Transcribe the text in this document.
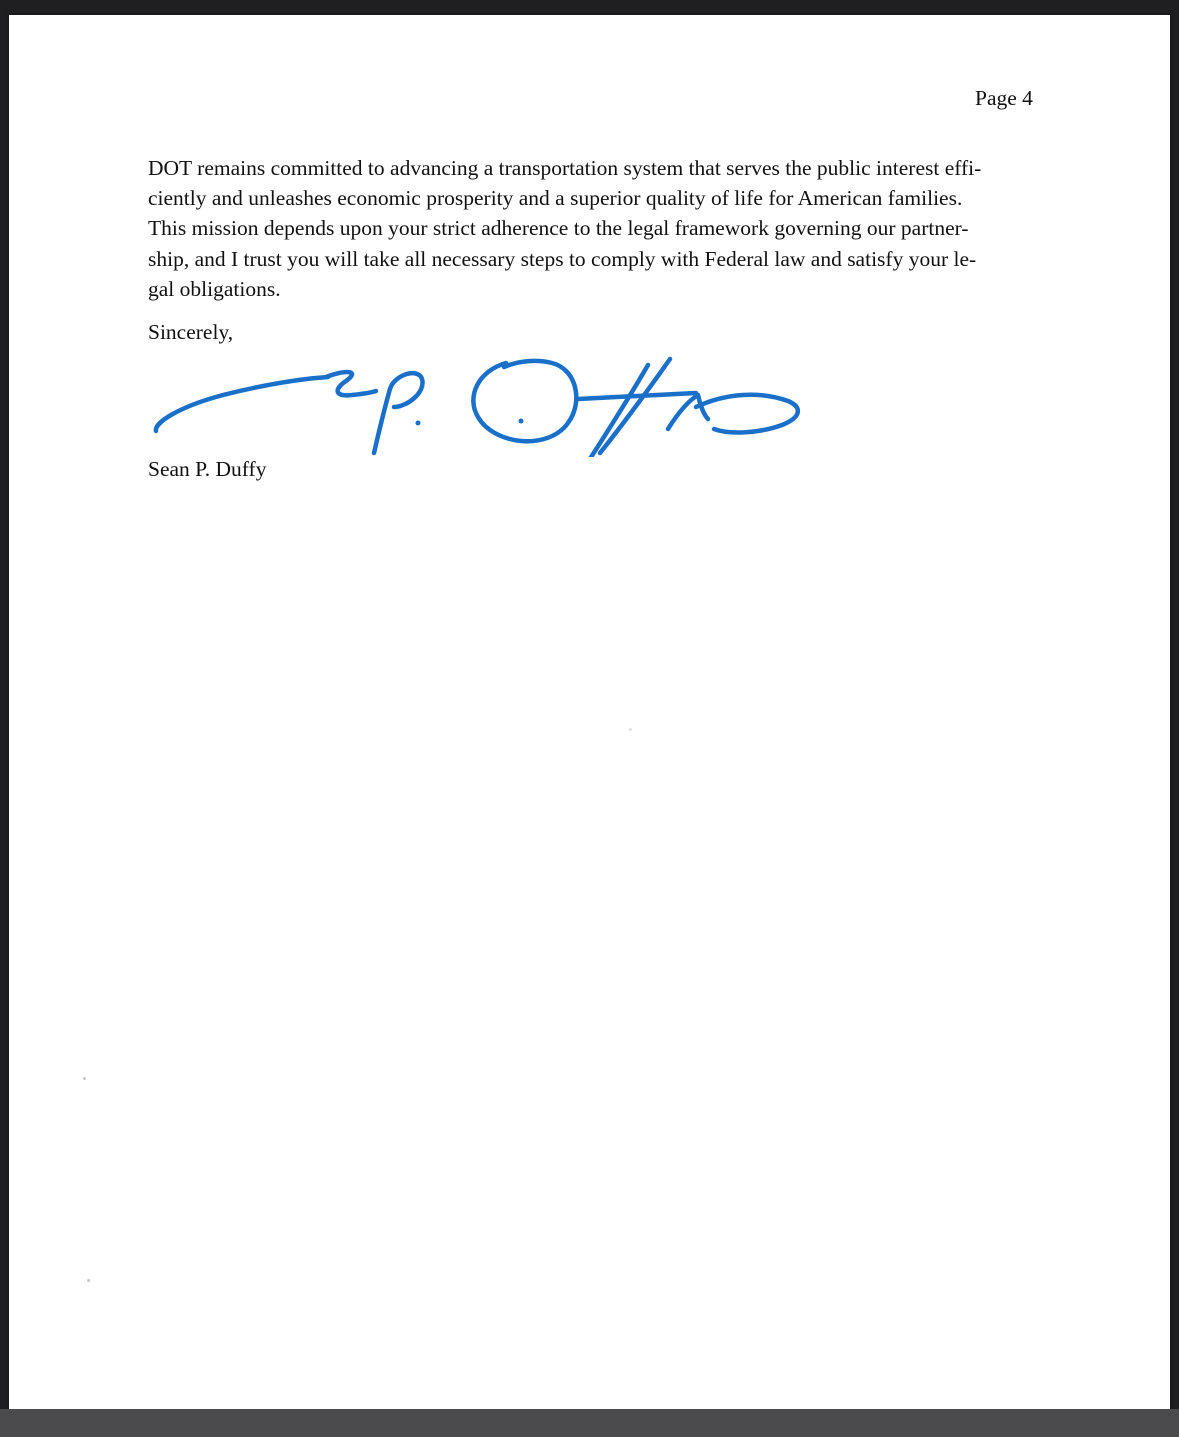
Page 4

DOT remains committed to advancing a transportation system that serves the public interest effi-
ciently and unleashes economic prosperity and a superior quality of life for American families.
This mission depends upon your strict adherence to the legal framework governing our partner-
ship, and I trust you will take all necessary steps to comply with Federal law and satisfy your le-
gal obligations.

Sincerely,
Sean P. Duffy
